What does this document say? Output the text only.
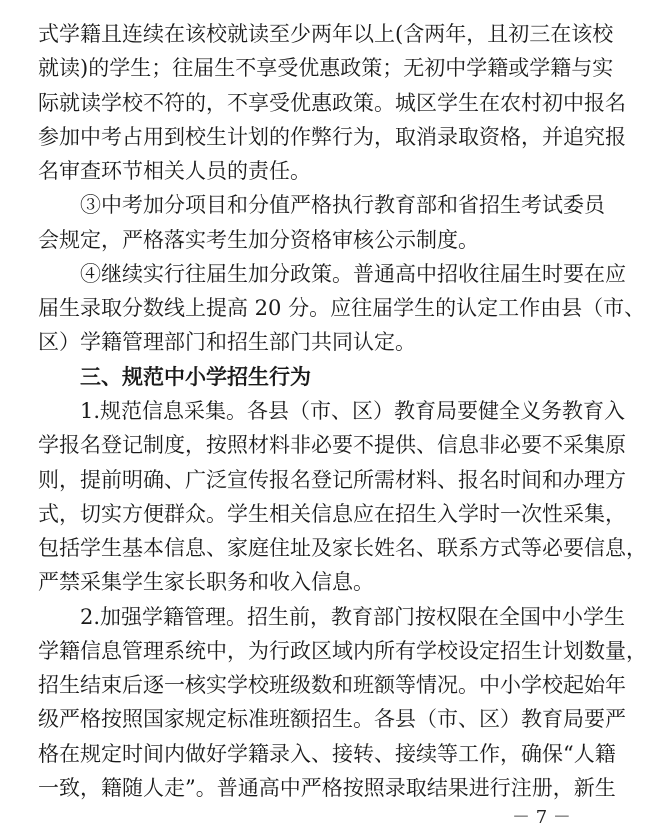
式学籍且连续在该校就读至少两年以上(含两年，且初三在该校
就读)的学生；往届生不享受优惠政策；无初中学籍或学籍与实
际就读学校不符的，不享受优惠政策。城区学生在农村初中报名
参加中考占用到校生计划的作弊行为，取消录取资格，并追究报
名审查环节相关人员的责任。
③中考加分项目和分值严格执行教育部和省招生考试委员
会规定，严格落实考生加分资格审核公示制度。
④继续实行往届生加分政策。普通高中招收往届生时要在应
届生录取分数线上提高 20 分。应往届学生的认定工作由县（市、
区）学籍管理部门和招生部门共同认定。
三、规范中小学招生行为
1.规范信息采集。各县（市、区）教育局要健全义务教育入
学报名登记制度，按照材料非必要不提供、信息非必要不采集原
则，提前明确、广泛宣传报名登记所需材料、报名时间和办理方
式，切实方便群众。学生相关信息应在招生入学时一次性采集，
包括学生基本信息、家庭住址及家长姓名、联系方式等必要信息，
严禁采集学生家长职务和收入信息。
2.加强学籍管理。招生前，教育部门按权限在全国中小学生
学籍信息管理系统中，为行政区域内所有学校设定招生计划数量，
招生结束后逐一核实学校班级数和班额等情况。中小学校起始年
级严格按照国家规定标准班额招生。各县（市、区）教育局要严
格在规定时间内做好学籍录入、接转、接续等工作，确保“人籍
一致，籍随人走”。普通高中严格按照录取结果进行注册，新生
－ 7 －
